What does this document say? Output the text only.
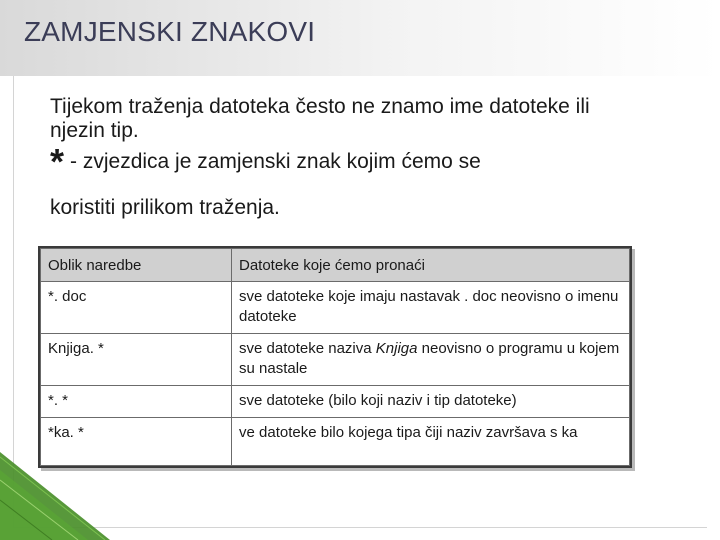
ZAMJENSKI ZNAKOVI
Tijekom traženja datoteka često ne znamo ime datoteke ili njezin tip.
* - zvjezdica je zamjenski znak kojim ćemo se
koristiti prilikom traženja.
Oblik naredbe	Datoteke koje ćemo pronaći
*. doc	sve datoteke koje imaju nastavak . doc neovisno o imenu datoteke
Knjiga. *	sve datoteke naziva Knjiga neovisno o programu u kojem su nastale
*. *	sve datoteke (bilo koji naziv i tip datoteke)
*ka. *	ve datoteke bilo kojega tipa čiji naziv završava s ka
